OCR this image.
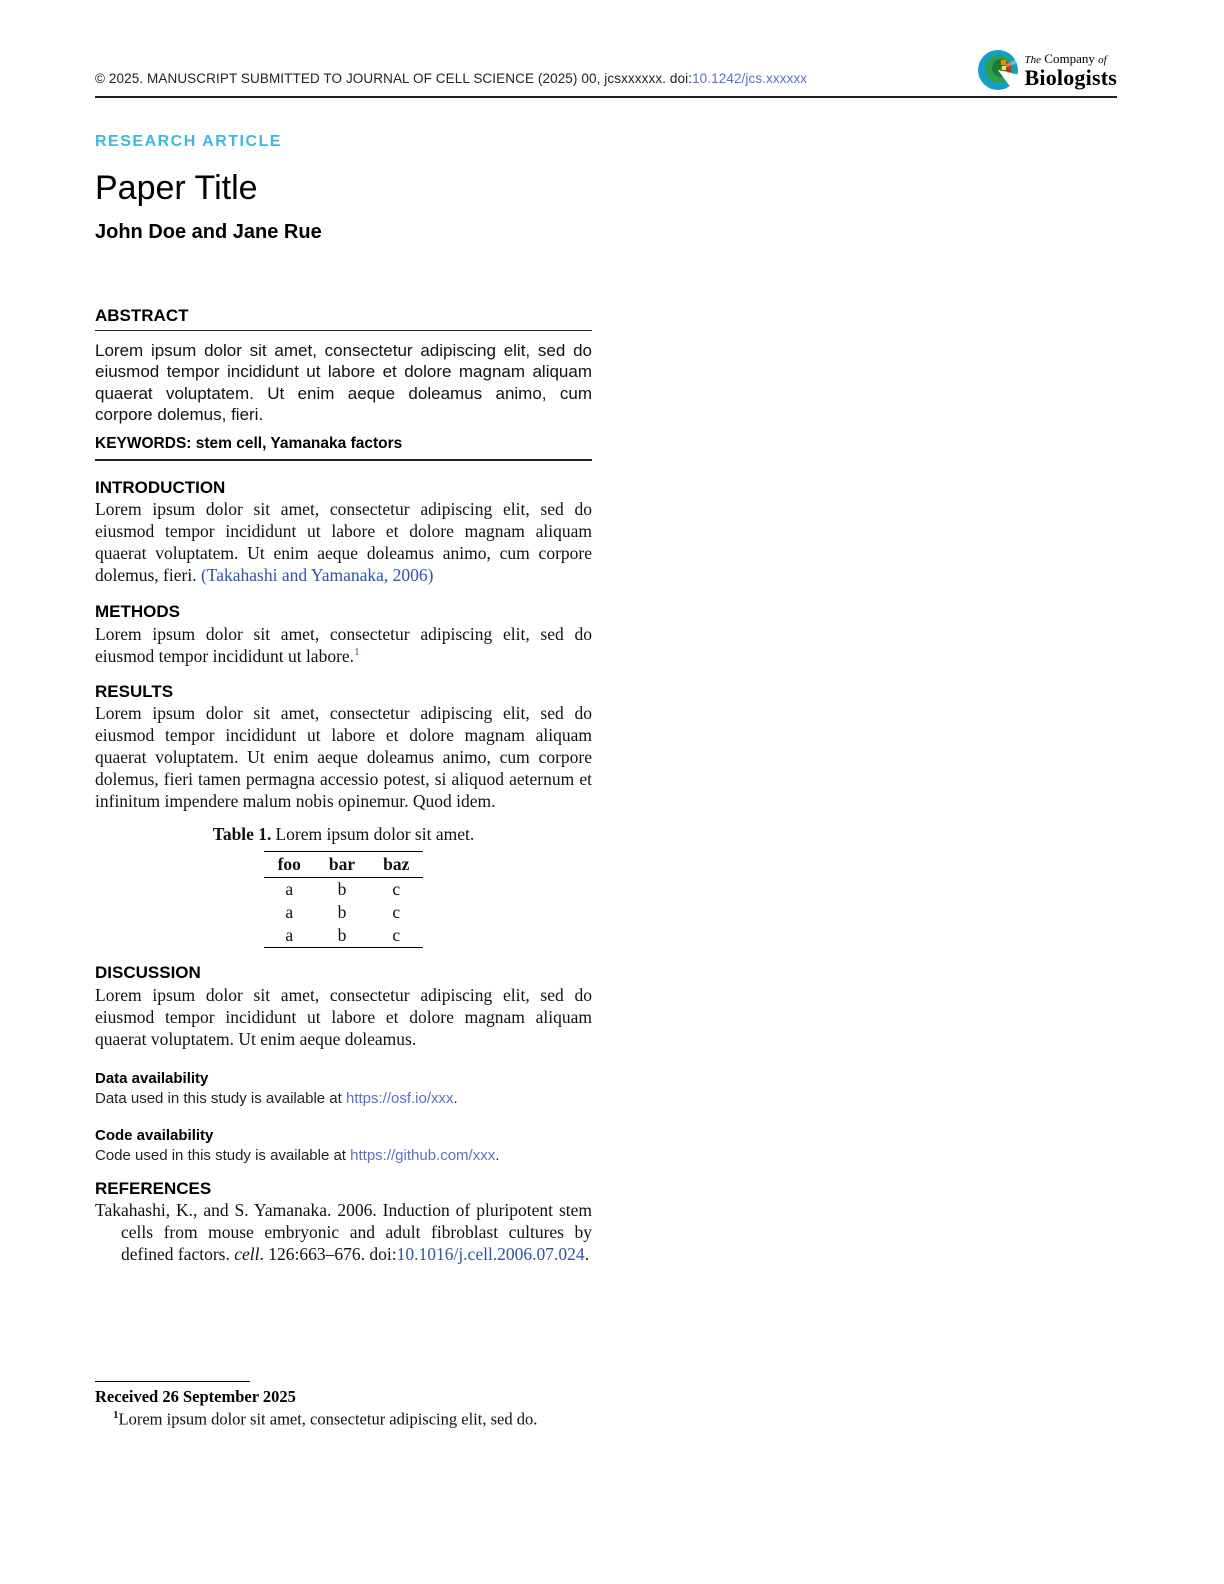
© 2025. MANUSCRIPT SUBMITTED TO JOURNAL OF CELL SCIENCE (2025) 00, jcsxxxxxx. doi:10.1242/jcs.xxxxxx
The Company of
Biologists
RESEARCH ARTICLE
Paper Title
John Doe and Jane Rue
ABSTRACT

Lorem ipsum dolor sit amet, consectetur adipiscing elit, sed do eiusmod tempor incididunt ut labore et dolore magnam aliquam quaerat voluptatem. Ut enim aeque doleamus animo, cum corpore dolemus, fieri.

KEYWORDS: stem cell, Yamanaka factors
INTRODUCTION

Lorem ipsum dolor sit amet, consectetur adipiscing elit, sed do eiusmod tempor incididunt ut labore et dolore magnam aliquam quaerat voluptatem. Ut enim aeque doleamus animo, cum corpore dolemus, fieri. (Takahashi and Yamanaka, 2006)

METHODS

Lorem ipsum dolor sit amet, consectetur adipiscing elit, sed do eiusmod tempor incididunt ut labore.$^1$

RESULTS

Lorem ipsum dolor sit amet, consectetur adipiscing elit, sed do eiusmod tempor incididunt ut labore et dolore magnam aliquam quaerat voluptatem. Ut enim aeque doleamus animo, cum corpore dolemus, fieri tamen permagna accessio potest, si aliquod aeternum et infinitum impendere malum nobis opinemur. Quod idem.

Table 1. Lorem ipsum dolor sit amet.
foo	bar	baz
a	b	c
a	b	c
a	b	c
DISCUSSION

Lorem ipsum dolor sit amet, consectetur adipiscing elit, sed do eiusmod tempor incididunt ut labore et dolore magnam aliquam quaerat voluptatem. Ut enim aeque doleamus.

Data availability

Data used in this study is available at https://osf.io/xxx.

Code availability

Code used in this study is available at https://github.com/xxx.

REFERENCES

Takahashi, K., and S. Yamanaka. 2006. Induction of pluripotent stem cells from mouse embryonic and adult fibroblast cultures by defined factors. cell. 126:663–676. doi:10.1016/j.cell.2006.07.024.

Received 26 September 2025
$^1$Lorem ipsum dolor sit amet, consectetur adipiscing elit, sed do.
